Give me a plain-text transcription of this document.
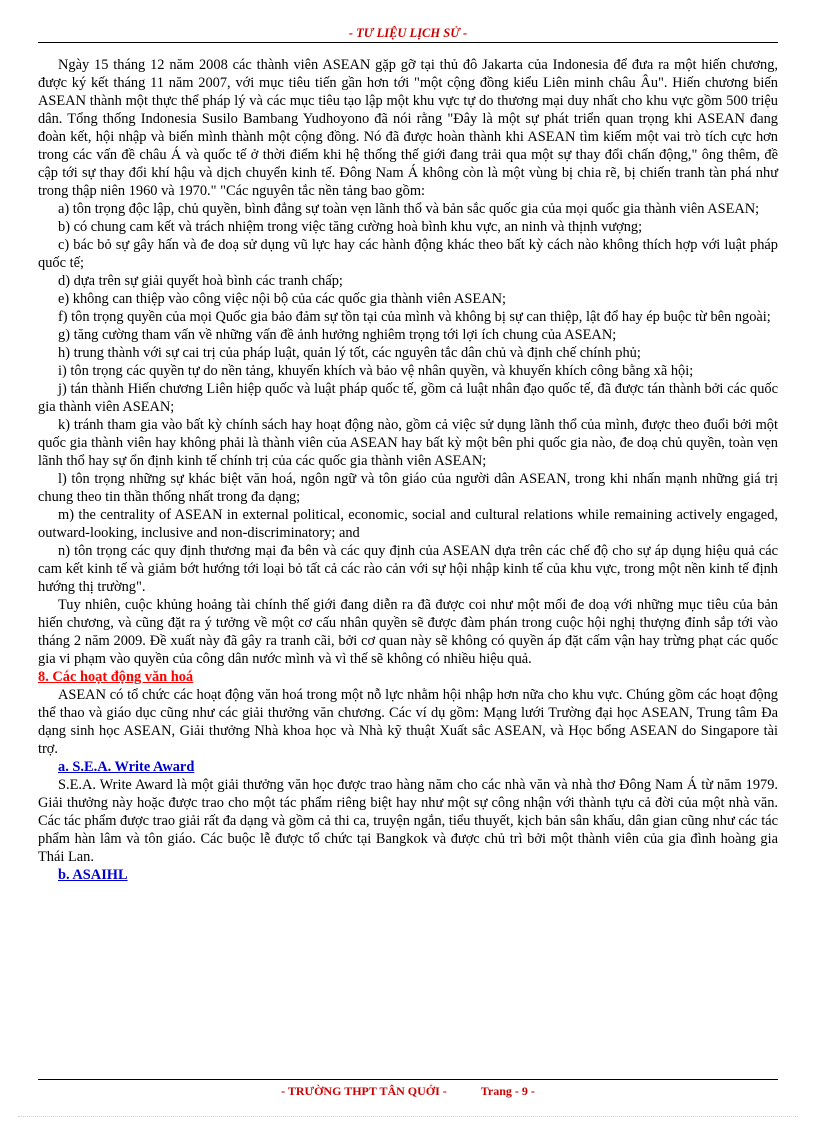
- TƯ LIỆU LỊCH SỬ -

Ngày 15 tháng 12 năm 2008 các thành viên ASEAN gặp gỡ tại thủ đô Jakarta của Indonesia để đưa ra một hiến chương, được ký kết tháng 11 năm 2007, với mục tiêu tiến gần hơn tới "một cộng đồng kiểu Liên minh châu Âu". Hiến chương biến ASEAN thành một thực thể pháp lý và các mục tiêu tạo lập một khu vực tự do thương mại duy nhất cho khu vực gồm 500 triệu dân. Tổng thống Indonesia Susilo Bambang Yudhoyono đã nói rằng "Đây là một sự phát triển quan trọng khi ASEAN đang đoàn kết, hội nhập và biến mình thành một cộng đồng. Nó đã được hoàn thành khi ASEAN tìm kiếm một vai trò tích cực hơn trong các vấn đề châu Á và quốc tế ở thời điểm khi hệ thống thế giới đang trải qua một sự thay đổi chấn động," ông thêm, đề cập tới sự thay đổi khí hậu và dịch chuyển kinh tế. Đông Nam Á không còn là một vùng bị chia rẽ, bị chiến tranh tàn phá như trong thập niên 1960 và 1970." "Các nguyên tắc nền tảng bao gồm:

a) tôn trọng độc lập, chủ quyền, bình đẳng sự toàn vẹn lãnh thổ và bản sắc quốc gia của mọi quốc gia thành viên ASEAN;

b) có chung cam kết và trách nhiệm trong việc tăng cường hoà bình khu vực, an ninh và thịnh vượng;

c) bác bỏ sự gây hấn và đe doạ sử dụng vũ lực hay các hành động khác theo bất kỳ cách nào không thích hợp với luật pháp quốc tế;

d) dựa trên sự giải quyết hoà bình các tranh chấp;

e) không can thiệp vào công việc nội bộ của các quốc gia thành viên ASEAN;

f) tôn trọng quyền của mọi Quốc gia bảo đảm sự tồn tại của mình và không bị sự can thiệp, lật đổ hay ép buộc từ bên ngoài;

g) tăng cường tham vấn về những vấn đề ảnh hưởng nghiêm trọng tới lợi ích chung của ASEAN;

h) trung thành với sự cai trị của pháp luật, quản lý tốt, các nguyên tắc dân chủ và định chế chính phủ;

i) tôn trọng các quyền tự do nền tảng, khuyến khích và bảo vệ nhân quyền, và khuyến khích công bằng xã hội;

j) tán thành Hiến chương Liên hiệp quốc và luật pháp quốc tế, gồm cả luật nhân đạo quốc tế, đã được tán thành bởi các quốc gia thành viên ASEAN;

k) tránh tham gia vào bất kỳ chính sách hay hoạt động nào, gồm cả việc sử dụng lãnh thổ của mình, được theo đuổi bởi một quốc gia thành viên hay không phải là thành viên của ASEAN hay bất kỳ một bên phi quốc gia nào, đe doạ chủ quyền, toàn vẹn lãnh thổ hay sự ổn định kinh tế chính trị của các quốc gia thành viên ASEAN;

l) tôn trọng những sự khác biệt văn hoá, ngôn ngữ và tôn giáo của người dân ASEAN, trong khi nhấn mạnh những giá trị chung theo tin thần thống nhất trong đa dạng;

m) the centrality of ASEAN in external political, economic, social and cultural relations while remaining actively engaged, outward-looking, inclusive and non-discriminatory; and

n) tôn trọng các quy định thương mại đa bên và các quy định của ASEAN dựa trên các chế độ cho sự áp dụng hiệu quả các cam kết kinh tế và giảm bớt hướng tới loại bỏ tất cả các rào cản với sự hội nhập kinh tế của khu vực, trong một nền kinh tế định hướng thị trường".

Tuy nhiên, cuộc khủng hoảng tài chính thế giới đang diễn ra đã được coi như một mối đe doạ với những mục tiêu của bản hiến chương, và cũng đặt ra ý tưởng về một cơ cấu nhân quyền sẽ được đàm phán trong cuộc hội nghị thượng đỉnh sắp tới vào tháng 2 năm 2009. Đề xuất này đã gây ra tranh cãi, bởi cơ quan này sẽ không có quyền áp đặt cấm vận hay trừng phạt các quốc gia vi phạm vào quyền của công dân nước mình và vì thế sẽ không có nhiều hiệu quả.

8. Các hoạt động văn hoá

ASEAN có tổ chức các hoạt động văn hoá trong một nỗ lực nhằm hội nhập hơn nữa cho khu vực. Chúng gồm các hoạt động thể thao và giáo dục cũng như các giải thưởng văn chương. Các ví dụ gồm: Mạng lưới Trường đại học ASEAN, Trung tâm Đa dạng sinh học ASEAN, Giải thưởng Nhà khoa học và Nhà kỹ thuật Xuất sắc ASEAN, và Học bổng ASEAN do Singapore tài trợ.

a. S.E.A. Write Award

S.E.A. Write Award là một giải thưởng văn học được trao hàng năm cho các nhà văn và nhà thơ Đông Nam Á từ năm 1979. Giải thưởng này hoặc được trao cho một tác phẩm riêng biệt hay như một sự công nhận với thành tựu cả đời của một nhà văn. Các tác phẩm được trao giải rất đa dạng và gồm cả thi ca, truyện ngắn, tiểu thuyết, kịch bản sân khấu, dân gian cũng như các tác phẩm hàn lâm và tôn giáo. Các buộc lễ được tổ chức tại Bangkok và được chủ trì bởi một thành viên của gia đình hoàng gia Thái Lan.

b. ASAIHL
- TRƯỜNG THPT TÂN QUỚI -	Trang - 9 -
